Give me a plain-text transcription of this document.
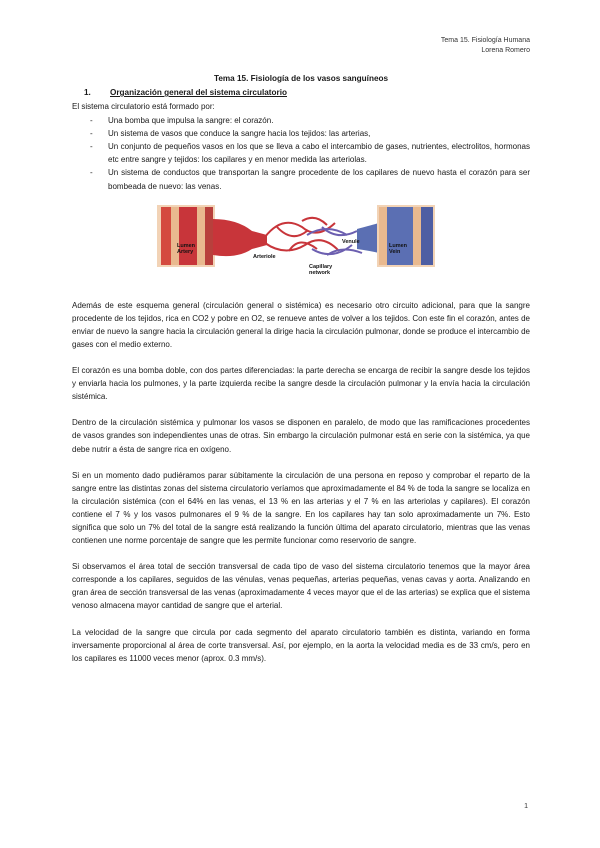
Tema 15. Fisiología Humana
Lorena Romero
Tema 15. Fisiología de los vasos sanguíneos
1. Organización general del sistema circulatorio

El sistema circulatorio está formado por:

- Una bomba que impulsa la sangre: el corazón.
- Un sistema de vasos que conduce la sangre hacia los tejidos: las arterias,
- Un conjunto de pequeños vasos en los que se lleva a cabo el intercambio de gases, nutrientes, electrolitos, hormonas etc entre sangre y tejidos: los capilares y en menor medida las arteriolas.
- Un sistema de conductos que transportan la sangre procedente de los capilares de nuevo hasta el corazón para ser bombeada de nuevo: las venas.
Lumen
Artery
Arteriole
Venule
Capillary
network
Lumen
Vein

Además de este esquema general (circulación general o sistémica) es necesario otro circuito adicional, para que la sangre procedente de los tejidos, rica en CO2 y pobre en O2, se renueve antes de volver a los tejidos. Con este fin el corazón, antes de enviar de nuevo la sangre hacia la circulación general la dirige hacia la circulación pulmonar, donde se produce el intercambio de gases con el medio externo.

El corazón es una bomba doble, con dos partes diferenciadas: la parte derecha se encarga de recibir la sangre desde los tejidos y enviarla hacia los pulmones, y la parte izquierda recibe la sangre desde la circulación pulmonar y la envía hacia la circulación sistémica.

Dentro de la circulación sistémica y pulmonar los vasos se disponen en paralelo, de modo que las ramificaciones procedentes de vasos grandes son independientes unas de otras. Sin embargo la circulación pulmonar está en serie con la sistémica, ya que debe nutrir a ésta de sangre rica en oxígeno.

Si en un momento dado pudiéramos parar súbitamente la circulación de una persona en reposo y comprobar el reparto de la sangre entre las distintas zonas del sistema circulatorio veríamos que aproximadamente el 84 % de toda la sangre se localiza en la circulación sistémica (con el 64% en las venas, el 13 % en las arterias y el 7 % en las arteriolas y capilares). El corazón contiene el 7 % y los vasos pulmonares el 9 % de la sangre. En los capilares hay tan solo aproximadamente un 7%. Esto significa que solo un 7% del total de la sangre está realizando la función última del aparato circulatorio, mientras que las venas contienen une norme porcentaje de sangre que les permite funcionar como reservorio de sangre.

Si observamos el área total de sección transversal de cada tipo de vaso del sistema circulatorio tenemos que la mayor área corresponde a los capilares, seguidos de las vénulas, venas pequeñas, arterias pequeñas, venas cavas y aorta. Analizando en gran área de sección transversal de las venas (aproximadamente 4 veces mayor que el de las arterias) se explica que el sistema venoso almacena mayor cantidad de sangre que el arterial.

La velocidad de la sangre que circula por cada segmento del aparato circulatorio también es distinta, variando en forma inversamente proporcional al área de corte transversal. Así, por ejemplo, en la aorta la velocidad media es de 33 cm/s, pero en los capilares es 11000 veces menor (aprox. 0.3 mm/s).

1
